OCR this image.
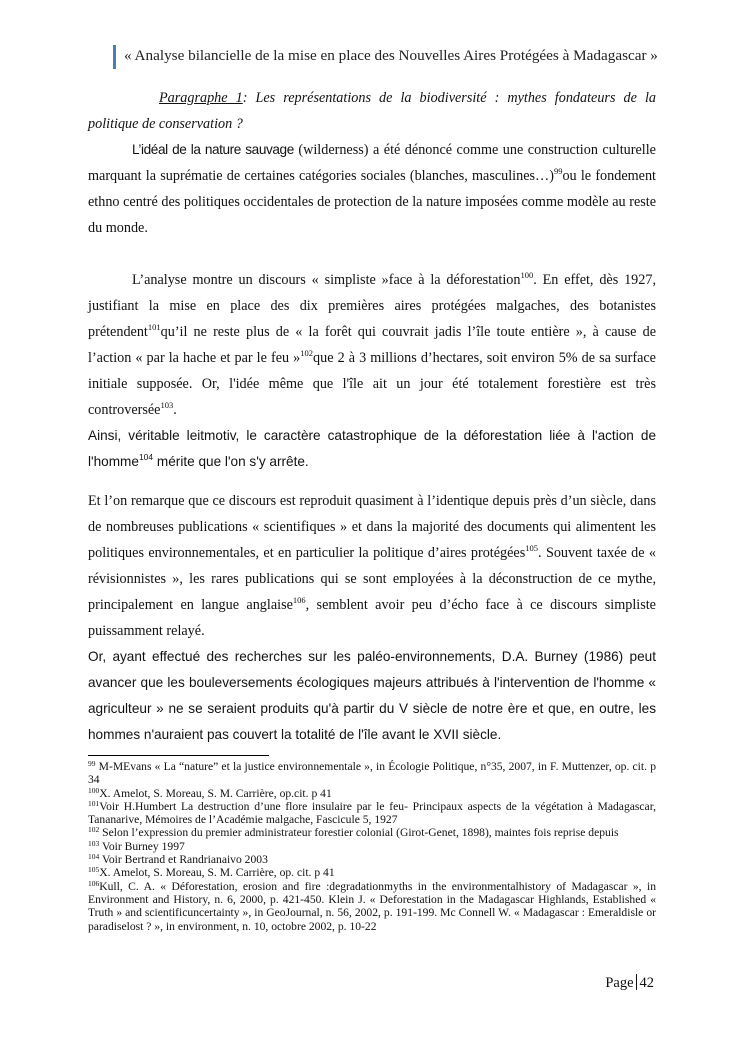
« Analyse bilancielle de la mise en place des Nouvelles Aires Protégées à Madagascar »

Paragraphe 1: Les représentations de la biodiversité : mythes fondateurs de la politique de conservation ?

L’idéal de la nature sauvage (wilderness) a été dénoncé comme une construction culturelle marquant la suprématie de certaines catégories sociales (blanches, masculines…)$^{99}$ou le fondement ethno centré des politiques occidentales de protection de la nature imposées comme modèle au reste du monde.

L’analyse montre un discours « simpliste »face à la déforestation$^{100}$. En effet, dès 1927, justifiant la mise en place des dix premières aires protégées malgaches, des botanistes prétendent$^{101}$qu’il ne reste plus de « la forêt qui couvrait jadis l’île toute entière », à cause de l’action « par la hache et par le feu »$^{102}$que 2 à 3 millions d’hectares, soit environ 5% de sa surface initiale supposée. Or, l'idée même que l'île ait un jour été totalement forestière est très controversée$^{103}$.

Ainsi, véritable leitmotiv, le caractère catastrophique de la déforestation liée à l'action de l'homme$^{104}$ mérite que l'on s'y arrête.

Et l’on remarque que ce discours est reproduit quasiment à l’identique depuis près d’un siècle, dans de nombreuses publications « scientifiques » et dans la majorité des documents qui alimentent les politiques environnementales, et en particulier la politique d’aires protégées$^{105}$. Souvent taxée de « révisionnistes », les rares publications qui se sont employées à la déconstruction de ce mythe, principalement en langue anglaise$^{106}$, semblent avoir peu d’écho face à ce discours simpliste puissamment relayé.

Or, ayant effectué des recherches sur les paléo-environnements, D.A. Burney (1986) peut avancer que les bouleversements écologiques majeurs attribués à l'intervention de l'homme « agriculteur » ne se seraient produits qu'à partir du V siècle de notre ère et que, en outre, les hommes n'auraient pas couvert la totalité de l'île avant le XVII siècle.

$^{99}$ M-MEvans « La “nature” et la justice environnementale », in Écologie Politique, n°35, 2007, in F. Muttenzer, op. cit. p 34

$^{100}$X. Amelot, S. Moreau, S. M. Carrière, op.cit. p 41

$^{101}$Voir H.Humbert La destruction d’une flore insulaire par le feu- Principaux aspects de la végétation à Madagascar, Tananarive, Mémoires de l’Académie malgache, Fascicule 5, 1927

$^{102}$ Selon l’expression du premier administrateur forestier colonial (Girot-Genet, 1898), maintes fois reprise depuis

$^{103}$ Voir Burney 1997

$^{104}$ Voir Bertrand et Randrianaivo 2003

$^{105}$X. Amelot, S. Moreau, S. M. Carrière, op. cit. p 41

$^{106}$Kull, C. A. « Déforestation, erosion and fire :degradationmyths in the environmentalhistory of Madagascar », in Environment and History, n. 6, 2000, p. 421-450. Klein J. « Deforestation in the Madagascar Highlands, Established « Truth » and scientificuncertainty », in GeoJournal, n. 56, 2002, p. 191-199. Mc Connell W. « Madagascar : Emeraldisle or paradiselost ? », in environment, n. 10, octobre 2002, p. 10-22

Page 42
